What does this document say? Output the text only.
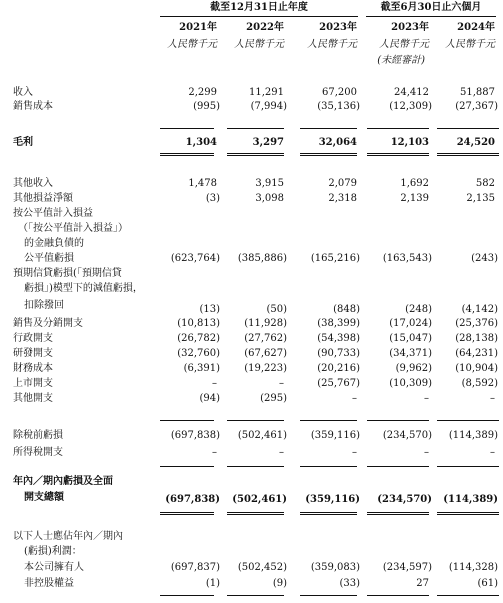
截至12月31日止年度	截至6月30日止六個月
2021年	2022年	2023年	2023年	2024年
人民幣千元 人民幣千元 人民幣千元 人民幣千元 人民幣千元
(未經審計)
收入	2,299	11,291	67,200	24,412	51,887
銷售成本	(995)	(7,994)	(35,136)	(12,309) (27,367)
毛利	1,304	3,297	32,064	12,103	24,520
其他收入	1,478	3,915	2,079	1,692	582
其他損益淨額	(3)	3,098	2,318	2,139	2,135
按公平值計入損益
（「按公平值計入損益」）
的金融負債的
公平值虧損	(623,764) (385,886) (165,216) (163,543)	(243)
預期信貸虧損(「預期信貸
虧損」)模型下的減值虧損，
扣除撥回	(13)	(50)	(848)	(248)	(4,142)
銷售及分銷開支	(10,813) (11,928)	(38,399)	(17,024) (25,376)
行政開支	(26,782) (27,762)	(54,398)	(15,047) (28,138)
研發開支	(32,760) (67,627)	(90,733)	(34,371) (64,231)
財務成本	(6,391) (19,223)	(20,216)	(9,962) (10,904)
上市開支	–	–	(25,767)	(10,309)	(8,592)
其他開支	(94)	(295)	–	–	–
除稅前虧損	(697,838) (502,461) (359,116) (234,570) (114,389)
所得稅開支	–	–	–	–	–
年內／期內虧損及全面
開支總額	(697,838) (502,461) (359,116) (234,570) (114,389)
以下人士應佔年內／期內
(虧損)利潤：
本公司擁有人	(697,837) (502,452) (359,083) (234,597) (114,328)
非控股權益	(1)	(9)	(33)	27	(61)
